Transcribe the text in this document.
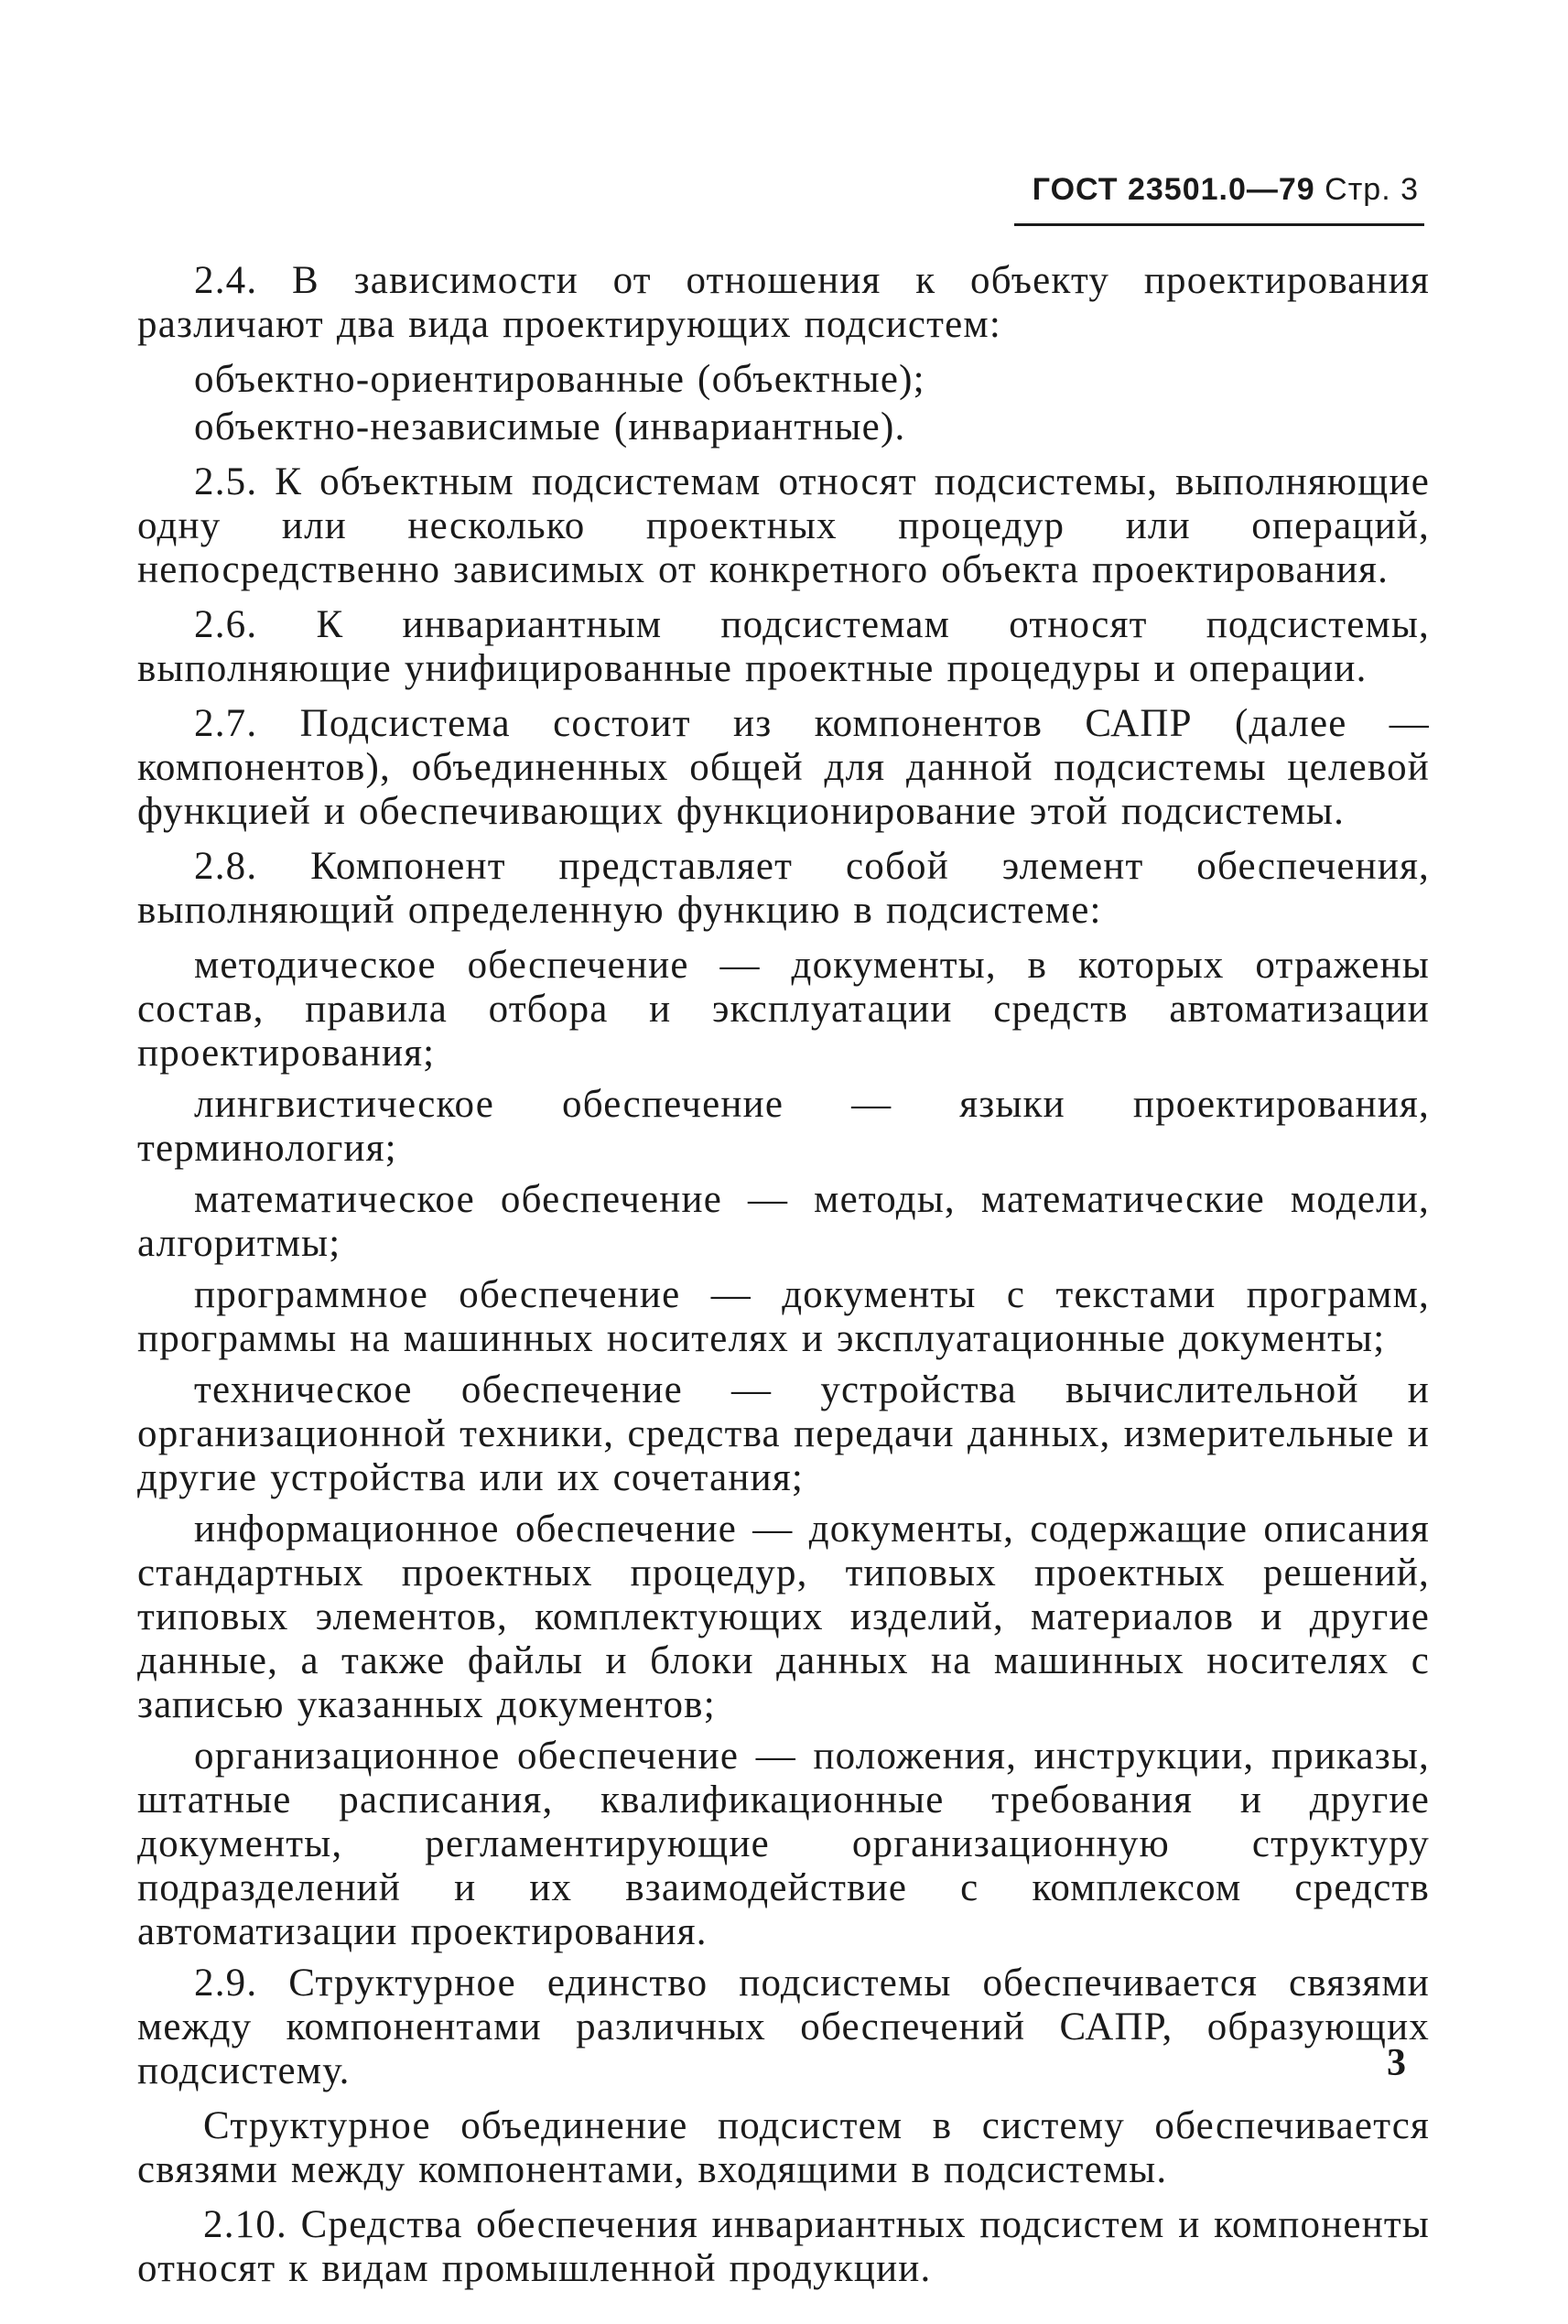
ГОСТ 23501.0—79 Стр. 3

2.4. В зависимости от отношения к объекту проектирования различают два вида проектирующих подсистем:

объектно-ориентированные (объектные);

объектно-независимые (инвариантные).

2.5. К объектным подсистемам относят подсистемы, выполняющие одну или несколько проектных процедур или операций, непосредственно зависимых от конкретного объекта проектирования.

2.6. К инвариантным подсистемам относят подсистемы, выполняющие унифицированные проектные процедуры и операции.

2.7. Подсистема состоит из компонентов САПР (далее — компонентов), объединенных общей для данной подсистемы целевой функцией и обеспечивающих функционирование этой подсистемы.

2.8. Компонент представляет собой элемент обеспечения, выполняющий определенную функцию в подсистеме:

методическое обеспечение — документы, в которых отражены состав, правила отбора и эксплуатации средств автоматизации проектирования;

лингвистическое обеспечение — языки проектирования, терминология;

математическое обеспечение — методы, математические модели, алгоритмы;

программное обеспечение — документы с текстами программ, программы на машинных носителях и эксплуатационные документы;

техническое обеспечение — устройства вычислительной и организационной техники, средства передачи данных, измерительные и другие устройства или их сочетания;

информационное обеспечение — документы, содержащие описания стандартных проектных процедур, типовых проектных решений, типовых элементов, комплектующих изделий, материалов и другие данные, а также файлы и блоки данных на машинных носителях с записью указанных документов;

организационное обеспечение — положения, инструкции, приказы, штатные расписания, квалификационные требования и другие документы, регламентирующие организационную структуру подразделений и их взаимодействие с комплексом средств автоматизации проектирования.

2.9. Структурное единство подсистемы обеспечивается связями между компонентами различных обеспечений САПР, образующих подсистему.

Структурное объединение подсистем в систему обеспечивается связями между компонентами, входящими в подсистемы.

2.10. Средства обеспечения инвариантных подсистем и компоненты относят к видам промышленной продукции.

3
